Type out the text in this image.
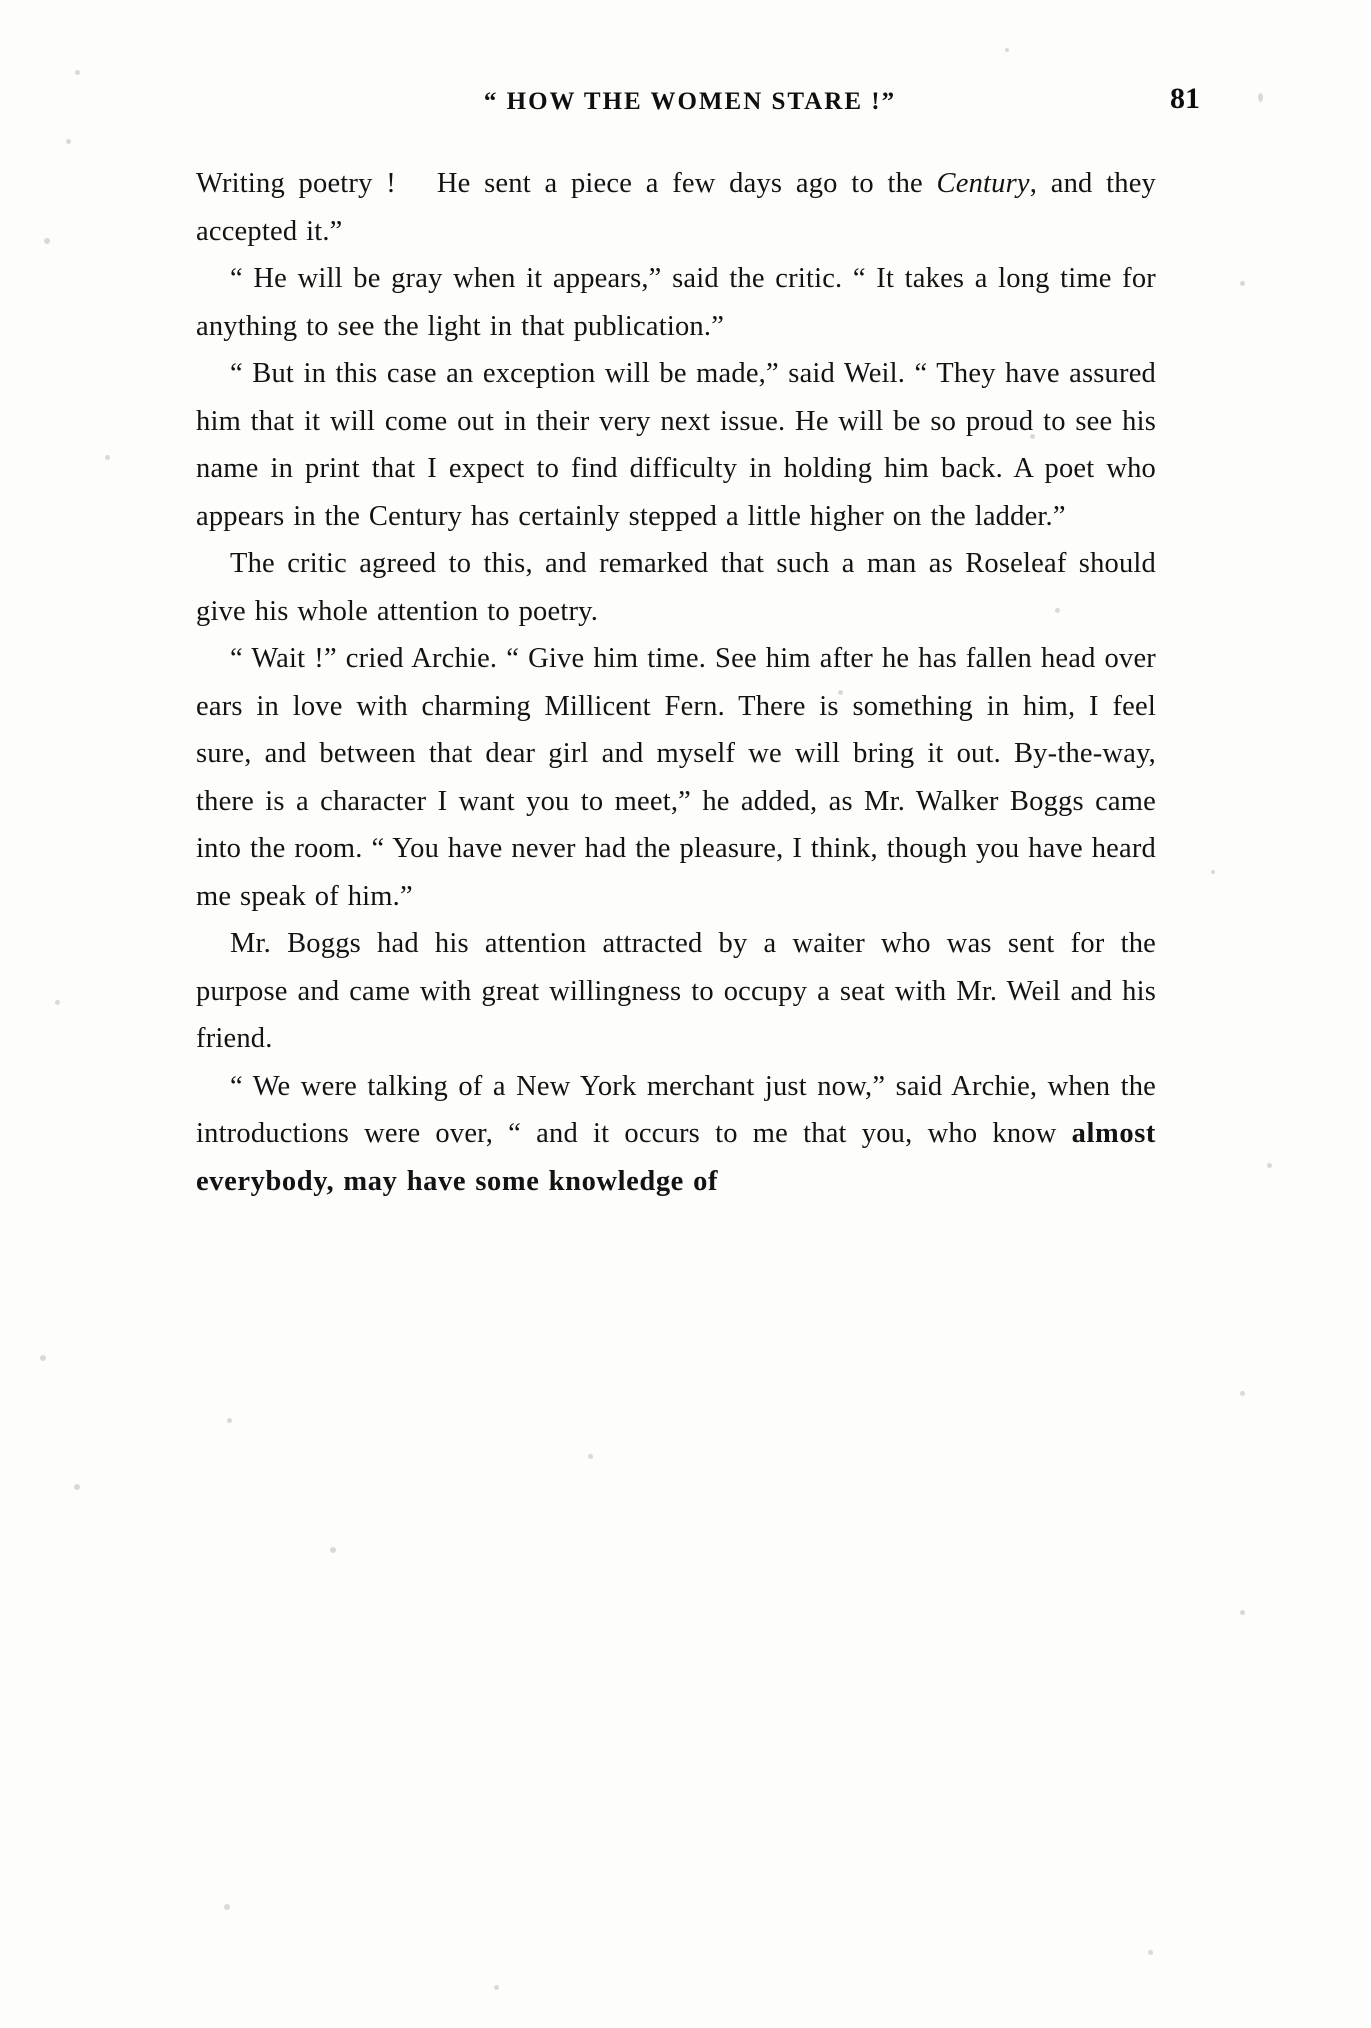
“ HOW THE WOMEN STARE !”	81

Writing poetry !   He sent a piece a few days ago to the Century, and they accepted it.”

“ He will be gray when it appears,” said the critic. “ It takes a long time for anything to see the light in that publication.”

“ But in this case an exception will be made,” said Weil. “ They have assured him that it will come out in their very next issue. He will be so proud to see his name in print that I expect to find difficulty in holding him back. A poet who appears in the Century has certainly stepped a little higher on the ladder.”

The critic agreed to this, and remarked that such a man as Roseleaf should give his whole attention to poetry.

“ Wait !” cried Archie. “ Give him time. See him after he has fallen head over ears in love with charming Millicent Fern. There is something in him, I feel sure, and between that dear girl and myself we will bring it out. By-the-way, there is a character I want you to meet,” he added, as Mr. Walker Boggs came into the room. “ You have never had the pleasure, I think, though you have heard me speak of him.”

Mr. Boggs had his attention attracted by a waiter who was sent for the purpose and came with great willingness to occupy a seat with Mr. Weil and his friend.

“ We were talking of a New York merchant just now,” said Archie, when the introductions were over, “ and it occurs to me that you, who know almost everybody, may have some knowledge of
